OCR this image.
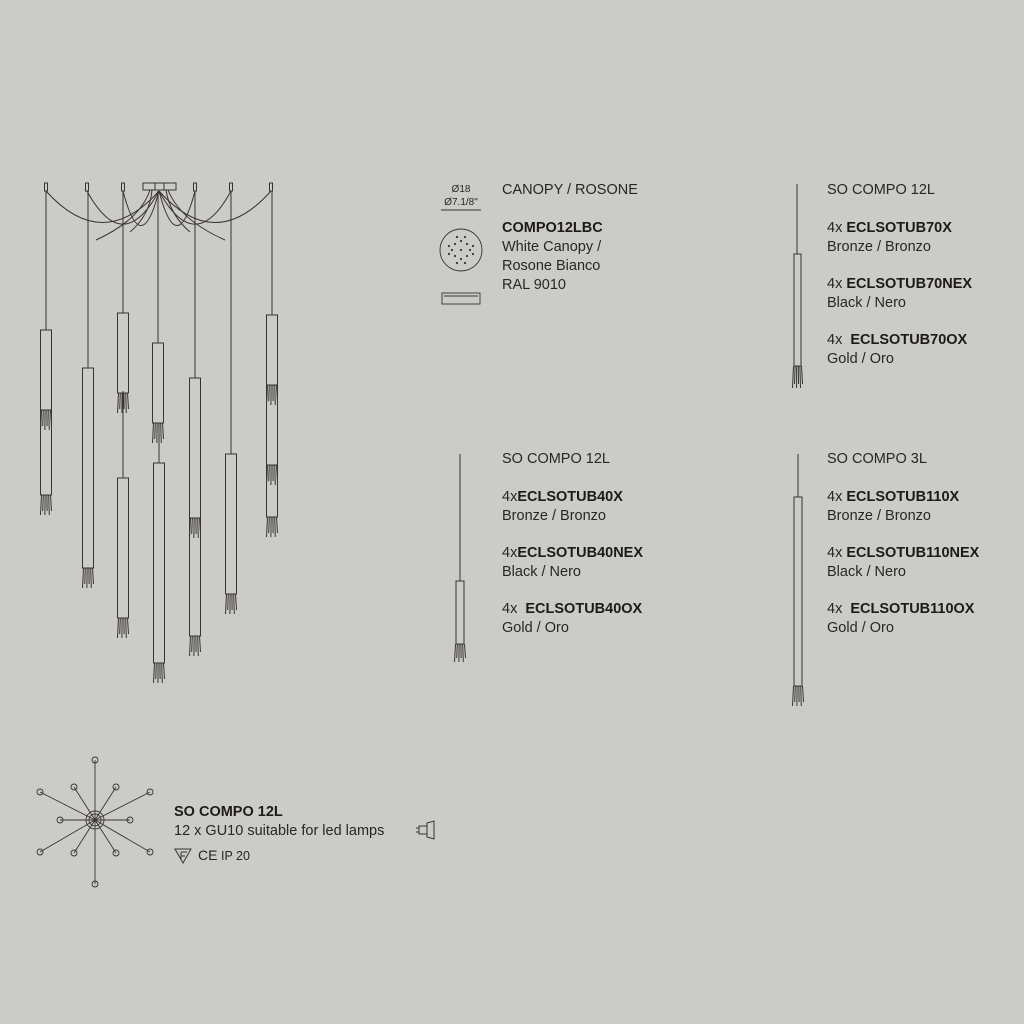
Ø18
Ø7.1/8"
CANOPY / ROSONE
COMPO12LBC
White Canopy /
Rosone Bianco
RAL 9010
SO COMPO 12L
4x ECLSOTUB70X
Bronze / Bronzo
4x ECLSOTUB70NEX
Black / Nero
4x ECLSOTUB70OX
Gold / Oro
SO COMPO 12L
4xECLSOTUB40X
Bronze / Bronzo
4xECLSOTUB40NEX
Black / Nero
4x ECLSOTUB40OX
Gold / Oro
SO COMPO 3L
4x ECLSOTUB110X
Bronze / Bronzo
4x ECLSOTUB110NEX
Black / Nero
4x ECLSOTUB110OX
Gold / Oro
SO COMPO 12L
12 x GU10 suitable for led lamps
CE IP 20
